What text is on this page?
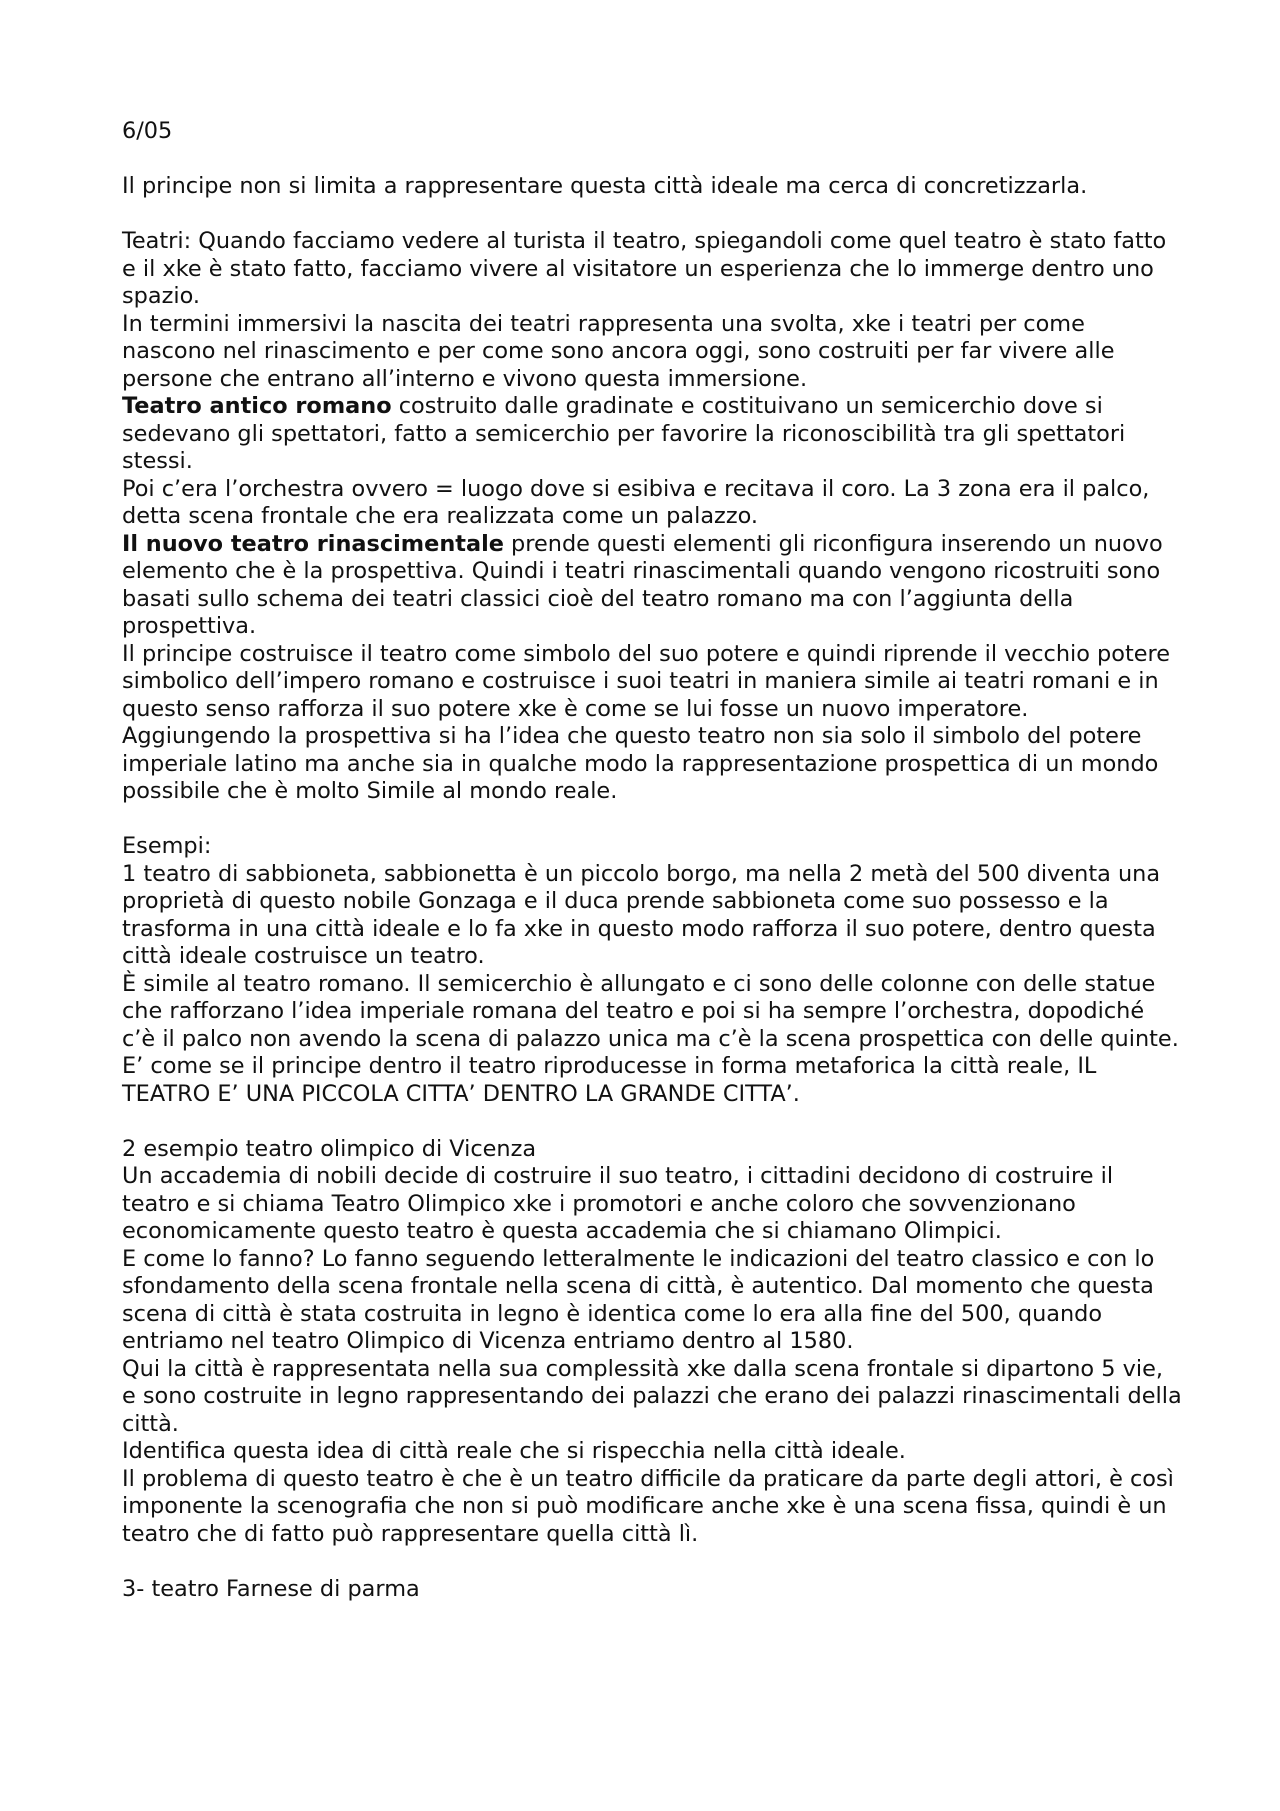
6/05

Il principe non si limita a rappresentare questa città ideale ma cerca di concretizzarla.

Teatri: Quando facciamo vedere al turista il teatro, spiegandoli come quel teatro è stato fatto e il xke è stato fatto, facciamo vivere al visitatore un esperienza che lo immerge dentro uno spazio.

In termini immersivi la nascita dei teatri rappresenta una svolta, xke i teatri per come nascono nel rinascimento e per come sono ancora oggi, sono costruiti per far vivere alle persone che entrano all’interno e vivono questa immersione.

Teatro antico romano costruito dalle gradinate e costituivano un semicerchio dove si sedevano gli spettatori, fatto a semicerchio per favorire la riconoscibilità tra gli spettatori stessi.

Poi c’era l’orchestra ovvero = luogo dove si esibiva e recitava il coro. La 3 zona era il palco, detta scena frontale che era realizzata come un palazzo.

Il nuovo teatro rinascimentale prende questi elementi gli riconfigura inserendo un nuovo elemento che è la prospettiva. Quindi i teatri rinascimentali quando vengono ricostruiti sono basati sullo schema dei teatri classici cioè del teatro romano ma con l’aggiunta della prospettiva.

Il principe costruisce il teatro come simbolo del suo potere e quindi riprende il vecchio potere simbolico dell’impero romano e costruisce i suoi teatri in maniera simile ai teatri romani e in questo senso rafforza il suo potere xke è come se lui fosse un nuovo imperatore.

Aggiungendo la prospettiva si ha l’idea che questo teatro non sia solo il simbolo del potere imperiale latino ma anche sia in qualche modo la rappresentazione prospettica di un mondo possibile che è molto Simile al mondo reale.

Esempi:

1 teatro di sabbioneta, sabbionetta è un piccolo borgo, ma nella 2 metà del 500 diventa una proprietà di questo nobile Gonzaga e il duca prende sabbioneta come suo possesso e la trasforma in una città ideale e lo fa xke in questo modo rafforza il suo potere, dentro questa città ideale costruisce un teatro.

È simile al teatro romano. Il semicerchio è allungato e ci sono delle colonne con delle statue che rafforzano l’idea imperiale romana del teatro e poi si ha sempre l’orchestra, dopodiché c’è il palco non avendo la scena di palazzo unica ma c’è la scena prospettica con delle quinte.

E’ come se il principe dentro il teatro riproducesse in forma metaforica la città reale, IL TEATRO E’ UNA PICCOLA CITTA’ DENTRO LA GRANDE CITTA’.

2 esempio teatro olimpico di Vicenza

Un accademia di nobili decide di costruire il suo teatro, i cittadini decidono di costruire il teatro e si chiama Teatro Olimpico xke i promotori e anche coloro che sovvenzionano economicamente questo teatro è questa accademia che si chiamano Olimpici.

E come lo fanno? Lo fanno seguendo letteralmente le indicazioni del teatro classico e con lo sfondamento della scena frontale nella scena di città, è autentico. Dal momento che questa scena di città è stata costruita in legno è identica come lo era alla fine del 500, quando entriamo nel teatro Olimpico di Vicenza entriamo dentro al 1580.

Qui la città è rappresentata nella sua complessità xke dalla scena frontale si dipartono 5 vie, e sono costruite in legno rappresentando dei palazzi che erano dei palazzi rinascimentali della città.

Identifica questa idea di città reale che si rispecchia nella città ideale.

Il problema di questo teatro è che è un teatro difficile da praticare da parte degli attori, è così imponente la scenografia che non si può modificare anche xke è una scena fissa, quindi è un teatro che di fatto può rappresentare quella città lì.

3- teatro Farnese di parma
